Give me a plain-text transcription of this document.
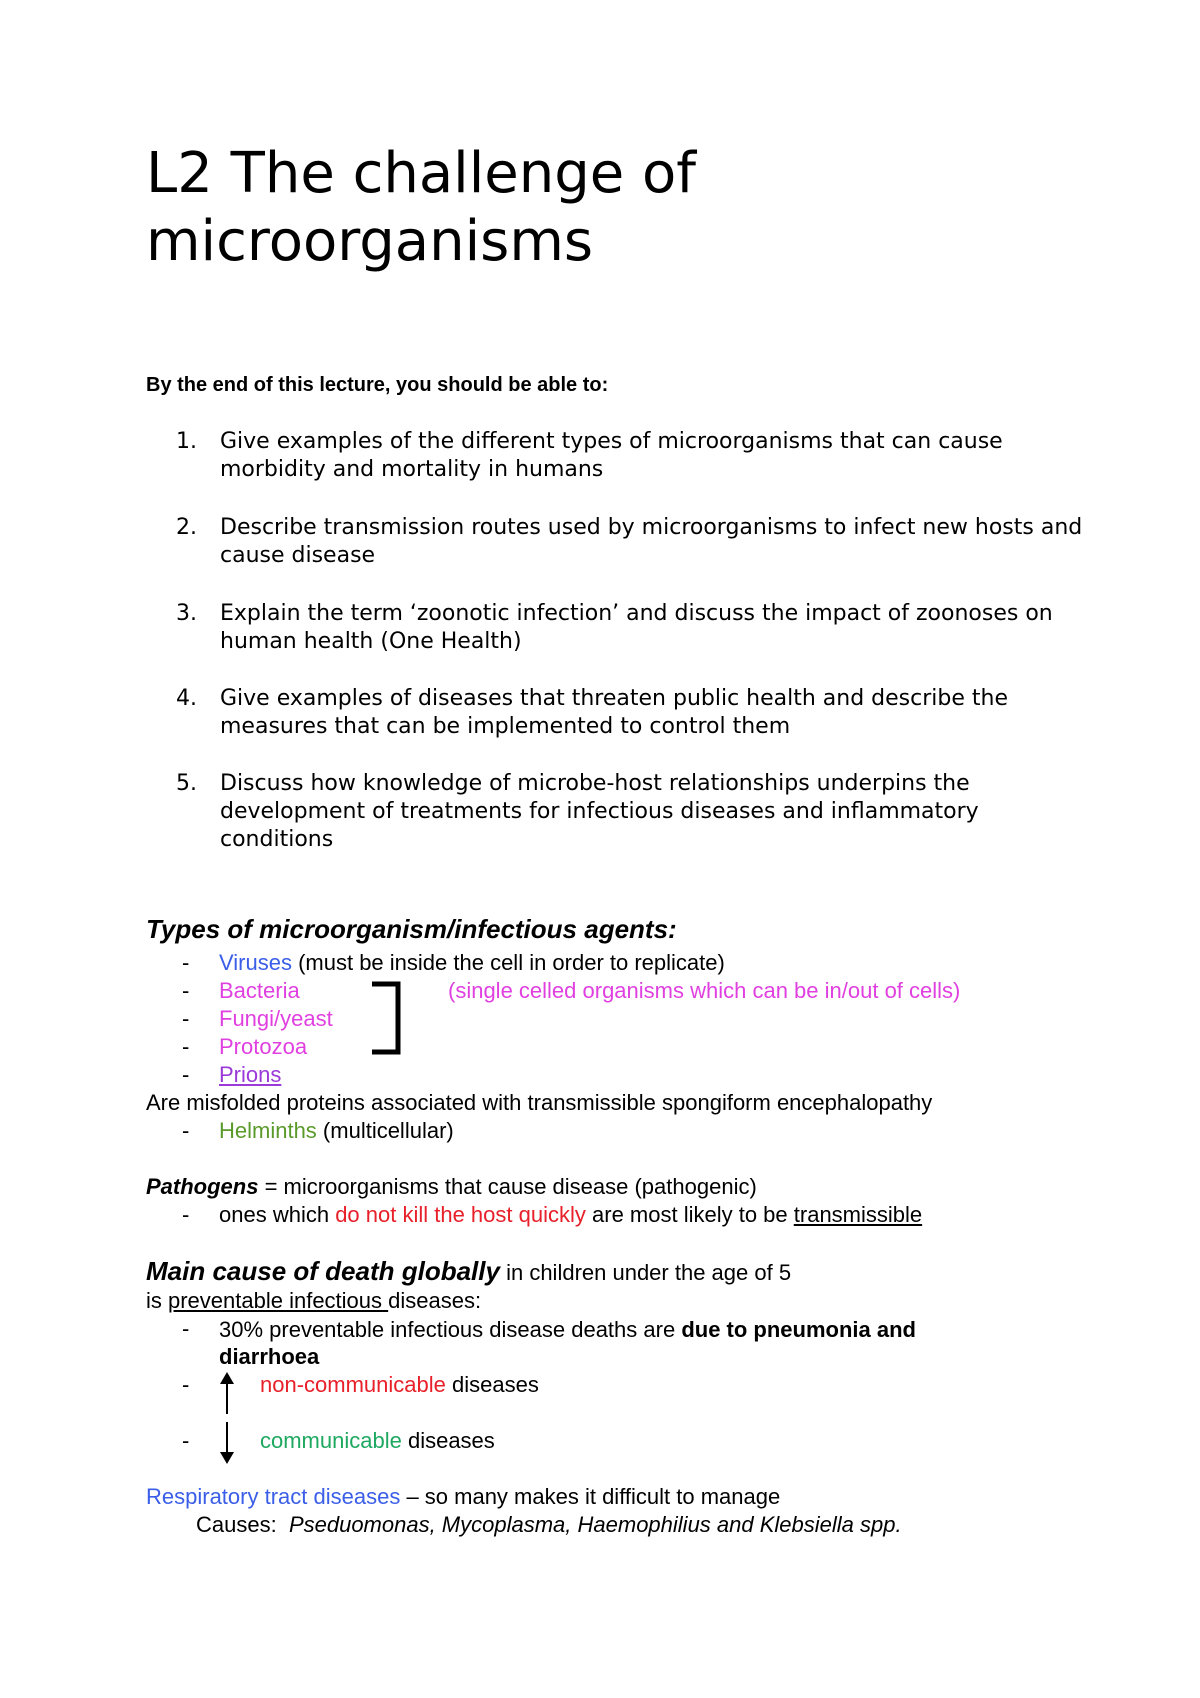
L2 The challenge of microorganisms
By the end of this lecture, you should be able to:
1.	Give examples of the different types of microorganisms that can cause morbidity and mortality in humans
2.	Describe transmission routes used by microorganisms to infect new hosts and cause disease
3.	Explain the term ‘zoonotic infection’ and discuss the impact of zoonoses on human health (One Health)
4.	Give examples of diseases that threaten public health and describe the measures that can be implemented to control them
5.	Discuss how knowledge of microbe-host relationships underpins the development of treatments for infectious diseases and inflammatory conditions
Types of microorganism/infectious agents:
- Viruses (must be inside the cell in order to replicate)
- Bacteria
- Fungi/yeast
- Protozoa
(single celled organisms which can be in/out of cells)
- Prions
Are misfolded proteins associated with transmissible spongiform encephalopathy
- Helminths (multicellular)
Pathogens = microorganisms that cause disease (pathogenic)
- ones which do not kill the host quickly are most likely to be transmissible
Main cause of death globally in children under the age of 5
is preventable infectious diseases:
- 30% preventable infectious disease deaths are due to pneumonia and
diarrhoea
-	non-communicable diseases
-	communicable diseases
Respiratory tract diseases – so many makes it difficult to manage
Causes:  Pseduomonas, Mycoplasma, Haemophilius and Klebsiella spp.
